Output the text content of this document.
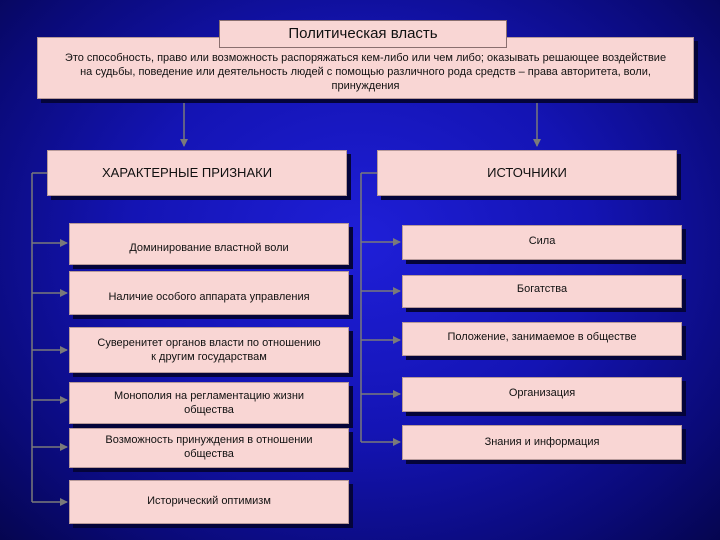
Это способность, право или возможность распоряжаться кем-либо или чем либо; оказывать решающее воздействие на судьбы, поведение или деятельность людей с помощью различного рода средств – права авторитета, воли, принуждения
Политическая власть
ХАРАКТЕРНЫЕ ПРИЗНАКИ	ИСТОЧНИКИ
Доминирование властной воли
Наличие особого аппарата управления
Суверенитет органов власти по отношению к другим государствам
Монополия на регламентацию жизни общества
Возможность принуждения в отношении общества
Исторический оптимизм
Сила
Богатства
Положение, занимаемое в обществе
Организация
Знания и информация
